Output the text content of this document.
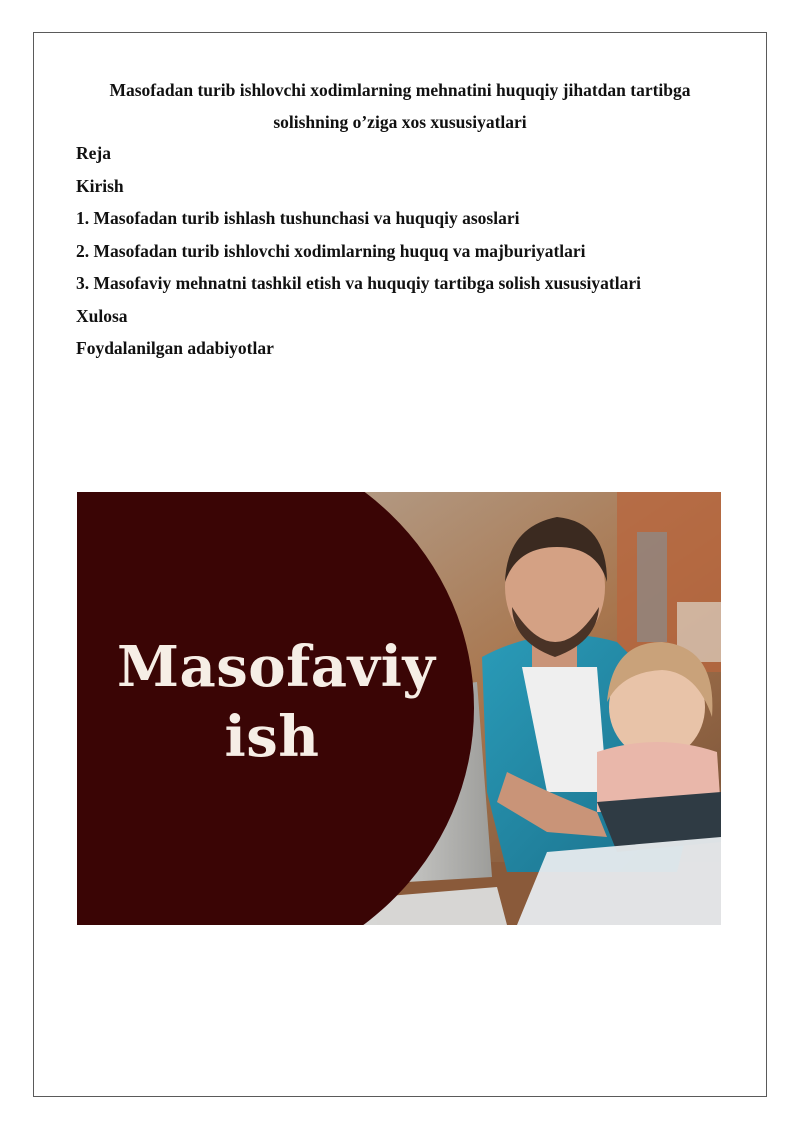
Masofadan turib ishlovchi xodimlarning mehnatini huquqiy jihatdan tartibga
solishning o’ziga xos xususiyatlari
Reja
Kirish
1. Masofadan turib ishlash tushunchasi va huquqiy asoslari
2. Masofadan turib ishlovchi xodimlarning huquq va majburiyatlari
3. Masofaviy mehnatni tashkil etish va huquqiy tartibga solish xususiyatlari
Xulosa
Foydalanilgan adabiyotlar
Masofaviy
ish
